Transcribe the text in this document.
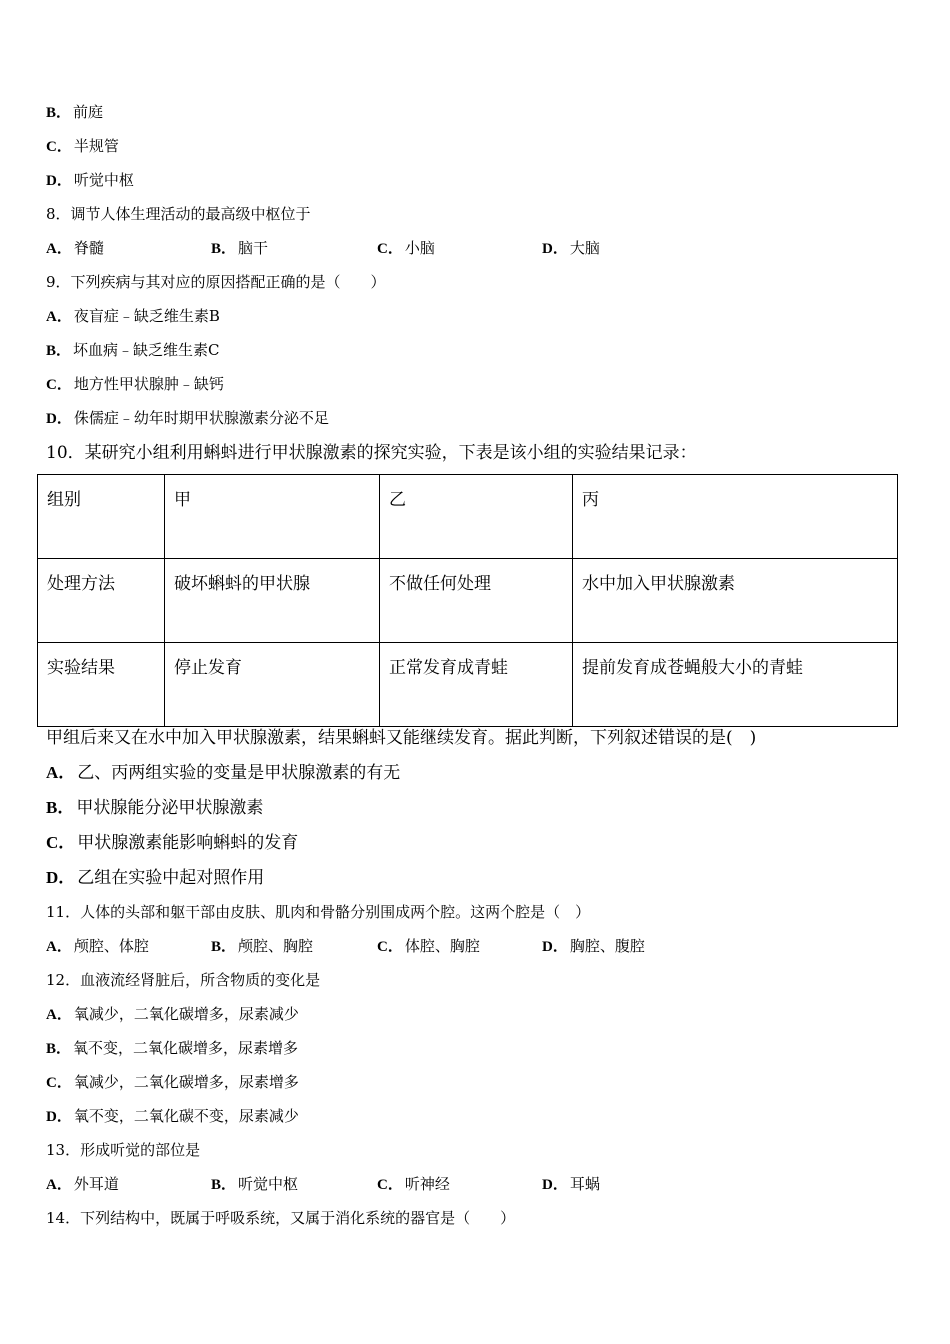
B． 前庭
C． 半规管
D． 听觉中枢
8．调节人体生理活动的最高级中枢位于
A． 脊髓	B． 脑干	C． 小脑	D． 大脑
9．下列疾病与其对应的原因搭配正确的是（　　）
A． 夜盲症﹣缺乏维生素B
B． 坏血病﹣缺乏维生素C
C． 地方性甲状腺肿﹣缺钙
D． 侏儒症﹣幼年时期甲状腺激素分泌不足
10．某研究小组利用蝌蚪进行甲状腺激素的探究实验，下表是该小组的实验结果记录：
组别	甲	乙	丙
处理方法	破坏蝌蚪的甲状腺	不做任何处理	水中加入甲状腺激素
实验结果	停止发育	正常发育成青蛙	提前发育成苍蝇般大小的青蛙
甲组后来又在水中加入甲状腺激素，结果蝌蚪又能继续发育。据此判断，下列叙述错误的是(　)
A． 乙、丙两组实验的变量是甲状腺激素的有无
B． 甲状腺能分泌甲状腺激素
C． 甲状腺激素能影响蝌蚪的发育
D． 乙组在实验中起对照作用
11．人体的头部和躯干部由皮肤、肌肉和骨骼分别围成两个腔。这两个腔是（　）
A． 颅腔、体腔	B． 颅腔、胸腔	C． 体腔、胸腔	D． 胸腔、腹腔
12．血液流经肾脏后，所含物质的变化是
A． 氧减少，二氧化碳增多，尿素减少
B． 氧不变，二氧化碳增多，尿素增多
C． 氧减少，二氧化碳增多，尿素增多
D． 氧不变，二氧化碳不变，尿素减少
13．形成听觉的部位是
A． 外耳道	B． 听觉中枢	C． 听神经	D． 耳蜗
14．下列结构中，既属于呼吸系统，又属于消化系统的器官是（　　）
